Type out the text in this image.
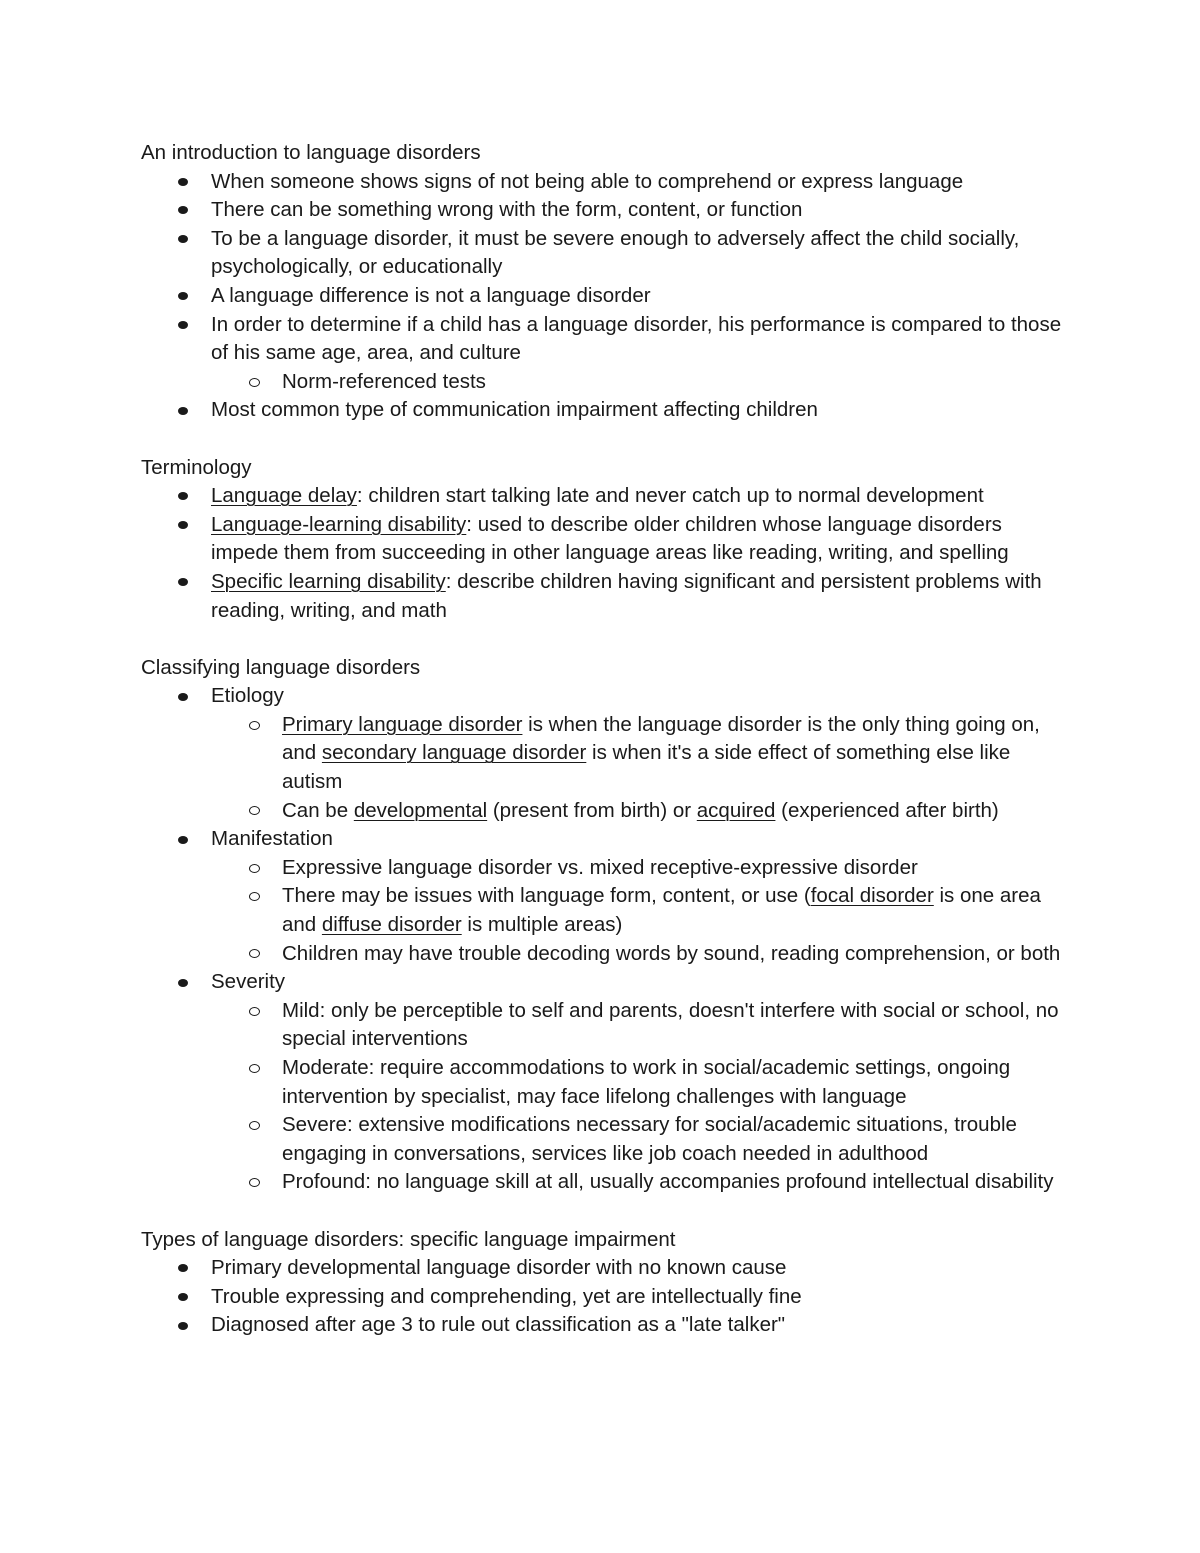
An introduction to language disorders
When someone shows signs of not being able to comprehend or express language
There can be something wrong with the form, content, or function
To be a language disorder, it must be severe enough to adversely affect the child socially, psychologically, or educationally
A language difference is not a language disorder
In order to determine if a child has a language disorder, his performance is compared to those of his same age, area, and culture
Norm-referenced tests
Most common type of communication impairment affecting children
Terminology
Language delay: children start talking late and never catch up to normal development
Language-learning disability: used to describe older children whose language disorders impede them from succeeding in other language areas like reading, writing, and spelling
Specific learning disability: describe children having significant and persistent problems with reading, writing, and math
Classifying language disorders
Etiology
Primary language disorder is when the language disorder is the only thing going on, and secondary language disorder is when it's a side effect of something else like autism
Can be developmental (present from birth) or acquired (experienced after birth)
Manifestation
Expressive language disorder vs. mixed receptive-expressive disorder
There may be issues with language form, content, or use (focal disorder is one area and diffuse disorder is multiple areas)
Children may have trouble decoding words by sound, reading comprehension, or both
Severity
Mild: only be perceptible to self and parents, doesn't interfere with social or school, no special interventions
Moderate: require accommodations to work in social/academic settings, ongoing intervention by specialist, may face lifelong challenges with language
Severe: extensive modifications necessary for social/academic situations, trouble engaging in conversations, services like job coach needed in adulthood
Profound: no language skill at all, usually accompanies profound intellectual disability
Types of language disorders: specific language impairment
Primary developmental language disorder with no known cause
Trouble expressing and comprehending, yet are intellectually fine
Diagnosed after age 3 to rule out classification as a "late talker"
